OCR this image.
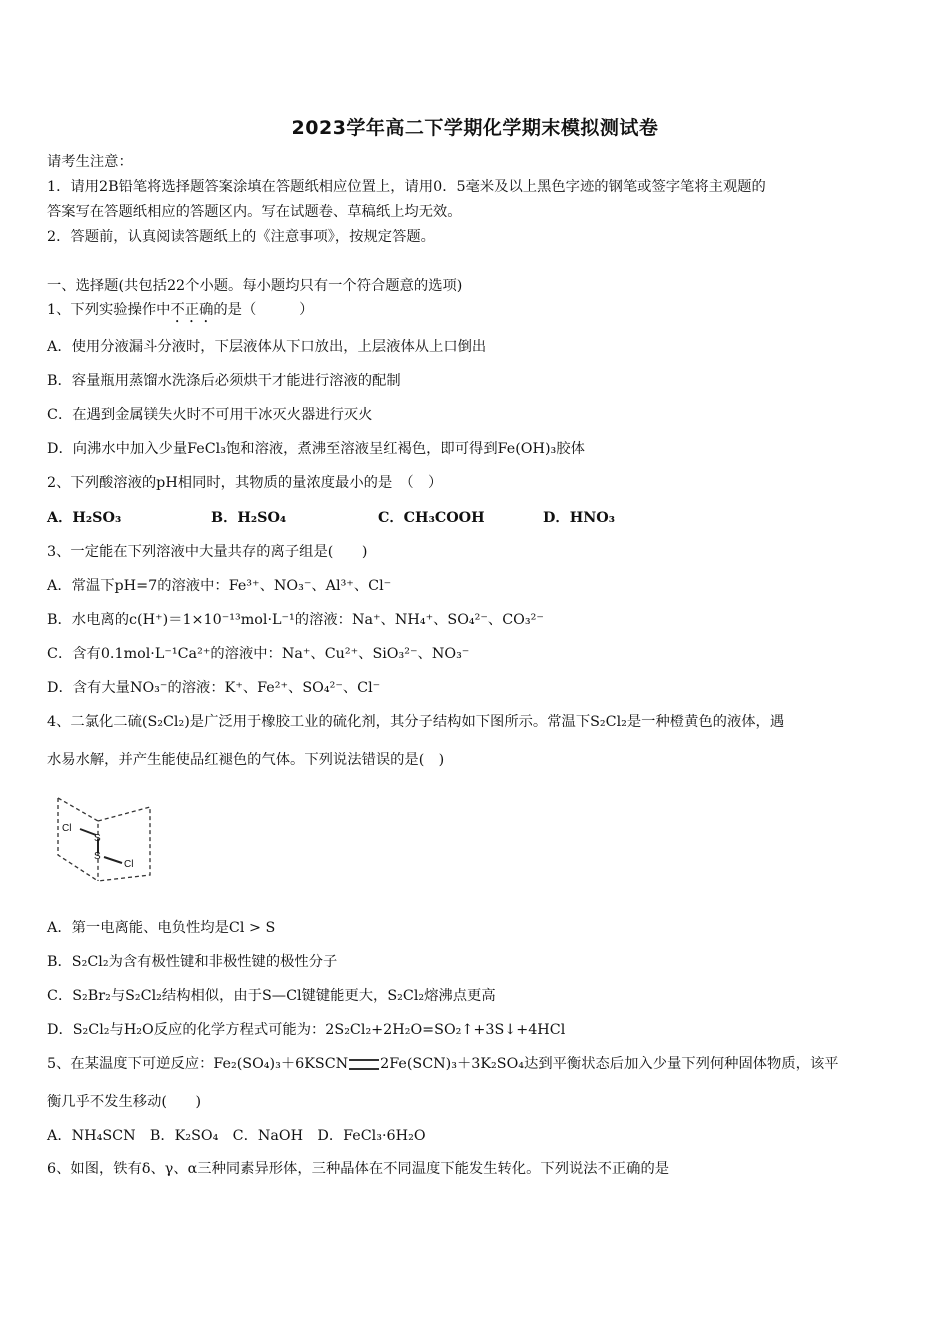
2023学年高二下学期化学期末模拟测试卷
请考生注意：
1．请用2B铅笔将选择题答案涂填在答题纸相应位置上，请用0．5毫米及以上黑色字迹的钢笔或签字笔将主观题的
答案写在答题纸相应的答题区内。写在试题卷、草稿纸上均无效。
2．答题前，认真阅读答题纸上的《注意事项》，按规定答题。
一、选择题(共包括22个小题。每小题均只有一个符合题意的选项)
1、下列实验操作中不正确的是（　　　）
A．使用分液漏斗分液时，下层液体从下口放出，上层液体从上口倒出
B．容量瓶用蒸馏水洗涤后必须烘干才能进行溶液的配制
C．在遇到金属镁失火时不可用干冰灭火器进行灭火
D．向沸水中加入少量FeCl₃饱和溶液，煮沸至溶液呈红褐色，即可得到Fe(OH)₃胶体
2、下列酸溶液的pH相同时，其物质的量浓度最小的是　（　）
A．H₂SO₃	B．H₂SO₄	C．CH₃COOH	D．HNO₃
3、一定能在下列溶液中大量共存的离子组是(　　)
A．常温下pH=7的溶液中：Fe³⁺、NO₃⁻、Al³⁺、Cl⁻
B．水电离的c(H⁺)＝1×10⁻¹³mol·L⁻¹的溶液：Na⁺、NH₄⁺、SO₄²⁻、CO₃²⁻
C．含有0.1mol·L⁻¹Ca²⁺的溶液中：Na⁺、Cu²⁺、SiO₃²⁻、NO₃⁻
D．含有大量NO₃⁻的溶液：K⁺、Fe²⁺、SO₄²⁻、Cl⁻
4、二氯化二硫(S₂Cl₂)是广泛用于橡胶工业的硫化剂，其分子结构如下图所示。常温下S₂Cl₂是一种橙黄色的液体，遇
水易水解，并产生能使品红褪色的气体。下列说法错误的是(　)
Cl
S
S
Cl
A．第一电离能、电负性均是Cl > S
B．S₂Cl₂为含有极性键和非极性键的极性分子
C．S₂Br₂与S₂Cl₂结构相似，由于S—Cl键键能更大，S₂Cl₂熔沸点更高
D．S₂Cl₂与H₂O反应的化学方程式可能为：2S₂Cl₂+2H₂O=SO₂↑+3S↓+4HCl
5、在某温度下可逆反应：Fe₂(SO₄)₃＋6KSCN 2Fe(SCN)₃＋3K₂SO₄达到平衡状态后加入少量下列何种固体物质，该平
衡几乎不发生移动(　　)
A．NH₄SCN　B．K₂SO₄　C．NaOH　D．FeCl₃·6H₂O
6、如图，铁有δ、γ、α三种同素异形体，三种晶体在不同温度下能发生转化。下列说法不正确的是
